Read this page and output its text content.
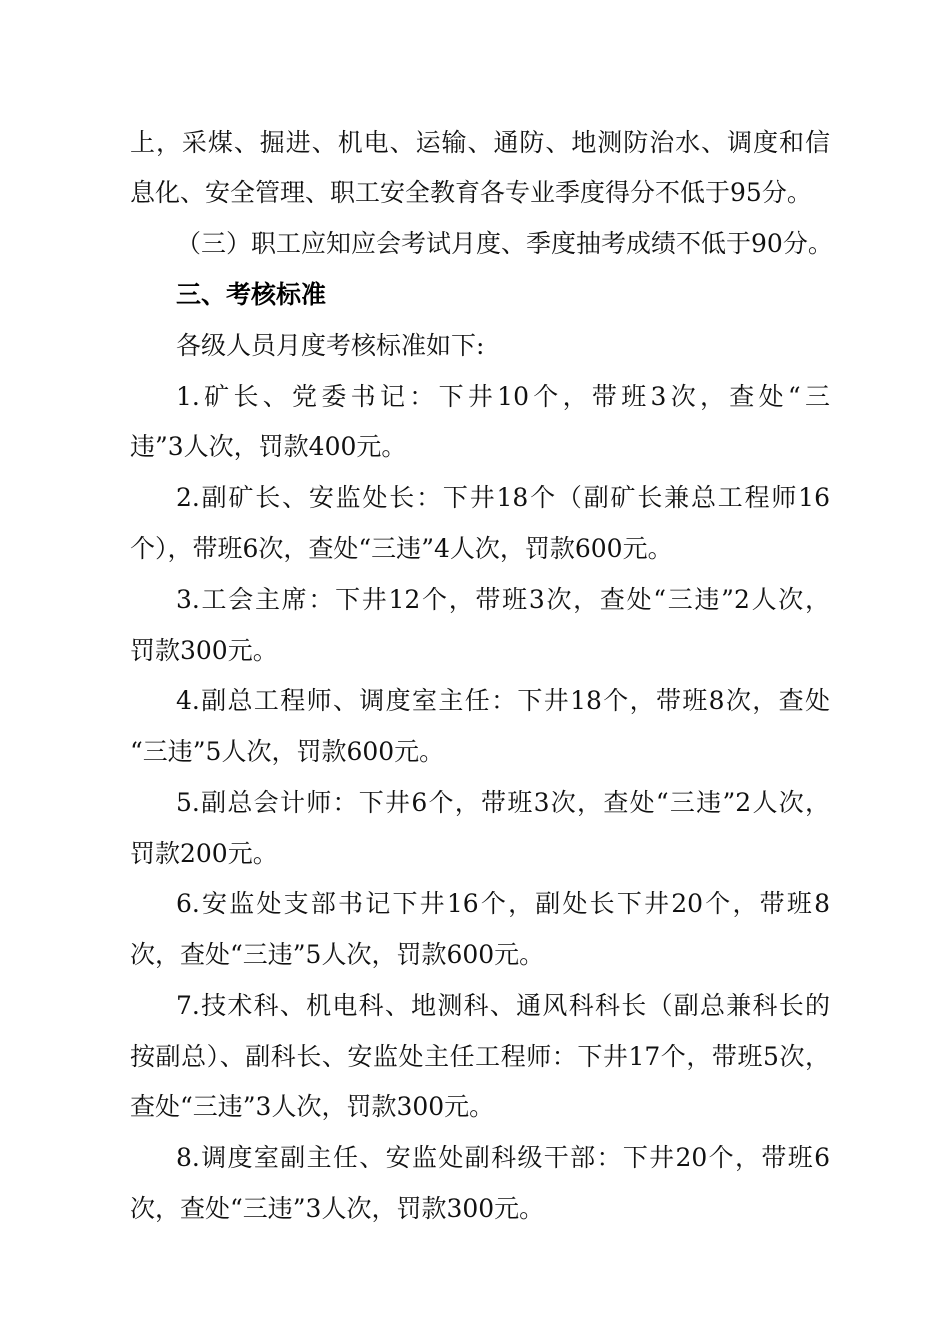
上，采煤、掘进、机电、运输、通防、地测防治水、调度和信
息化、安全管理、职工安全教育各专业季度得分不低于95分。
（三）职工应知应会考试月度、季度抽考成绩不低于90分。
三、考核标准
各级人员月度考核标准如下:
1.矿长、党委书记：下井10个，带班3次，查处“三
违”3人次，罚款400元。
2.副矿长、安监处长：下井18个（副矿长兼总工程师16
个），带班6次，查处“三违”4人次，罚款600元。
3.工会主席：下井12个，带班3次，查处“三违”2人次，
罚款300元。
4.副总工程师、调度室主任：下井18个，带班8次，查处
“三违”5人次，罚款600元。
5.副总会计师：下井6个，带班3次，查处“三违”2人次，
罚款200元。
6.安监处支部书记下井16个，副处长下井20个，带班8
次，查处“三违”5人次，罚款600元。
7.技术科、机电科、地测科、通风科科长（副总兼科长的
按副总）、副科长、安监处主任工程师：下井17个，带班5次，
查处“三违”3人次，罚款300元。
8.调度室副主任、安监处副科级干部：下井20个，带班6
次，查处“三违”3人次，罚款300元。
